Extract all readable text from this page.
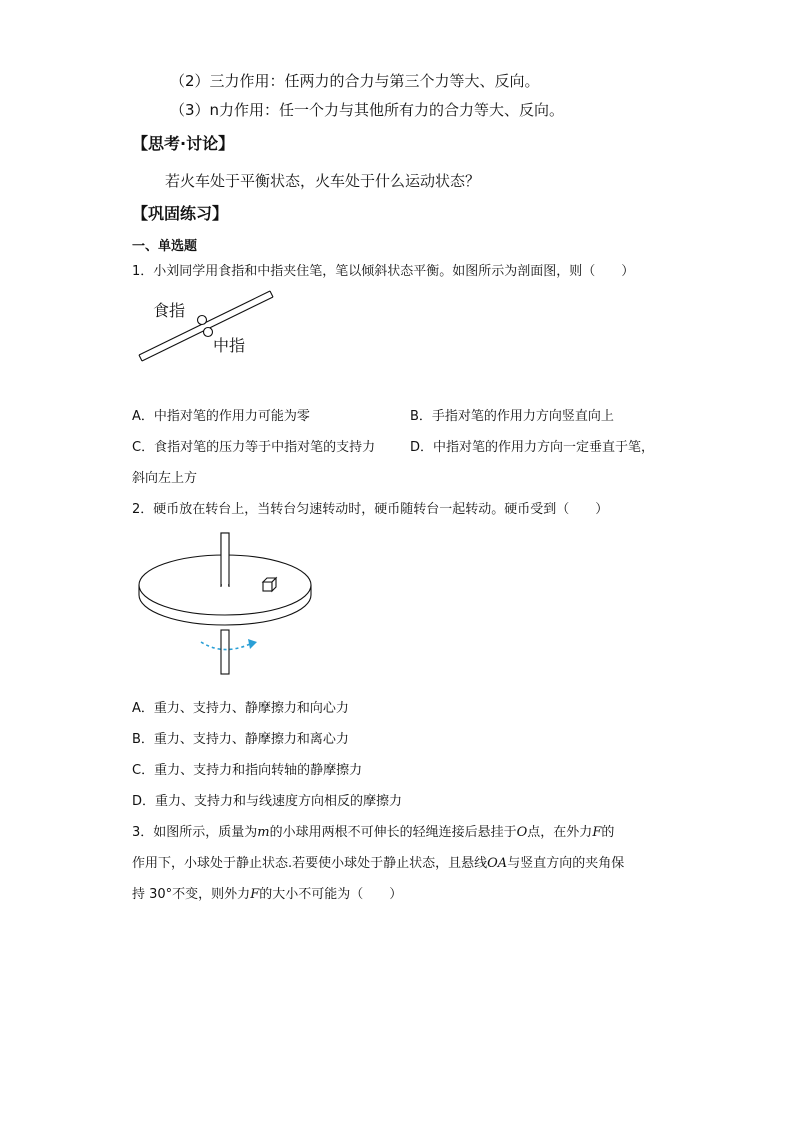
（2）三力作用：任两力的合力与第三个力等大、反向。
（3）n力作用：任一个力与其他所有力的合力等大、反向。
【思考·讨论】
若火车处于平衡状态，火车处于什么运动状态？
【巩固练习】
一、单选题
1．小刘同学用食指和中指夹住笔，笔以倾斜状态平衡。如图所示为剖面图，则（　　）
食指
中指
A．中指对笔的作用力可能为零	B．手指对笔的作用力方向竖直向上
C．食指对笔的压力等于中指对笔的支持力	D．中指对笔的作用力方向一定垂直于笔，
斜向左上方
2．硬币放在转台上，当转台匀速转动时，硬币随转台一起转动。硬币受到（　　）
A．重力、支持力、静摩擦力和向心力
B．重力、支持力、静摩擦力和离心力
C．重力、支持力和指向转轴的静摩擦力
D．重力、支持力和与线速度方向相反的摩擦力
3．如图所示，质量为m的小球用两根不可伸长的轻绳连接后悬挂于O点，在外力F的
作用下，小球处于静止状态.若要使小球处于静止状态，且悬线OA与竖直方向的夹角保
持 30°不变，则外力F的大小不可能为（　　）
